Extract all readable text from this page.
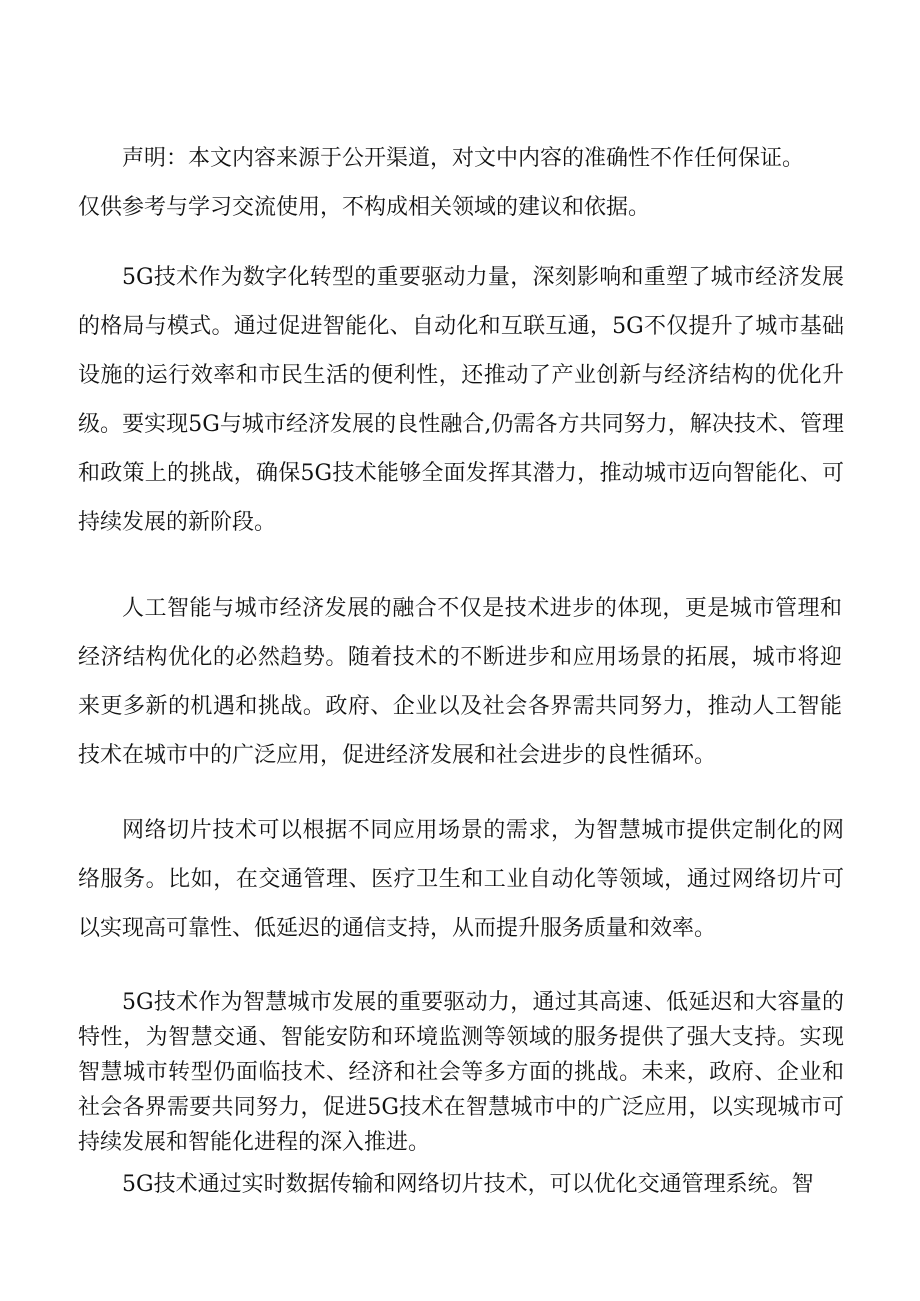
声明：本文内容来源于公开渠道，对文中内容的准确性不作任何保证。仅供参考与学习交流使用，不构成相关领域的建议和依据。

5G技术作为数字化转型的重要驱动力量，深刻影响和重塑了城市经济发展的格局与模式。通过促进智能化、自动化和互联互通，5G不仅提升了城市基础设施的运行效率和市民生活的便利性，还推动了产业创新与经济结构的优化升级。要实现5G与城市经济发展的良性融合,仍需各方共同努力，解决技术、管理和政策上的挑战，确保5G技术能够全面发挥其潜力，推动城市迈向智能化、可持续发展的新阶段。

人工智能与城市经济发展的融合不仅是技术进步的体现，更是城市管理和经济结构优化的必然趋势。随着技术的不断进步和应用场景的拓展，城市将迎来更多新的机遇和挑战。政府、企业以及社会各界需共同努力，推动人工智能技术在城市中的广泛应用，促进经济发展和社会进步的良性循环。

网络切片技术可以根据不同应用场景的需求，为智慧城市提供定制化的网络服务。比如，在交通管理、医疗卫生和工业自动化等领域，通过网络切片可以实现高可靠性、低延迟的通信支持，从而提升服务质量和效率。

5G技术作为智慧城市发展的重要驱动力，通过其高速、低延迟和大容量的特性，为智慧交通、智能安防和环境监测等领域的服务提供了强大支持。实现智慧城市转型仍面临技术、经济和社会等多方面的挑战。未来，政府、企业和社会各界需要共同努力，促进5G技术在智慧城市中的广泛应用，以实现城市可持续发展和智能化进程的深入推进。

5G技术通过实时数据传输和网络切片技术，可以优化交通管理系统。智
